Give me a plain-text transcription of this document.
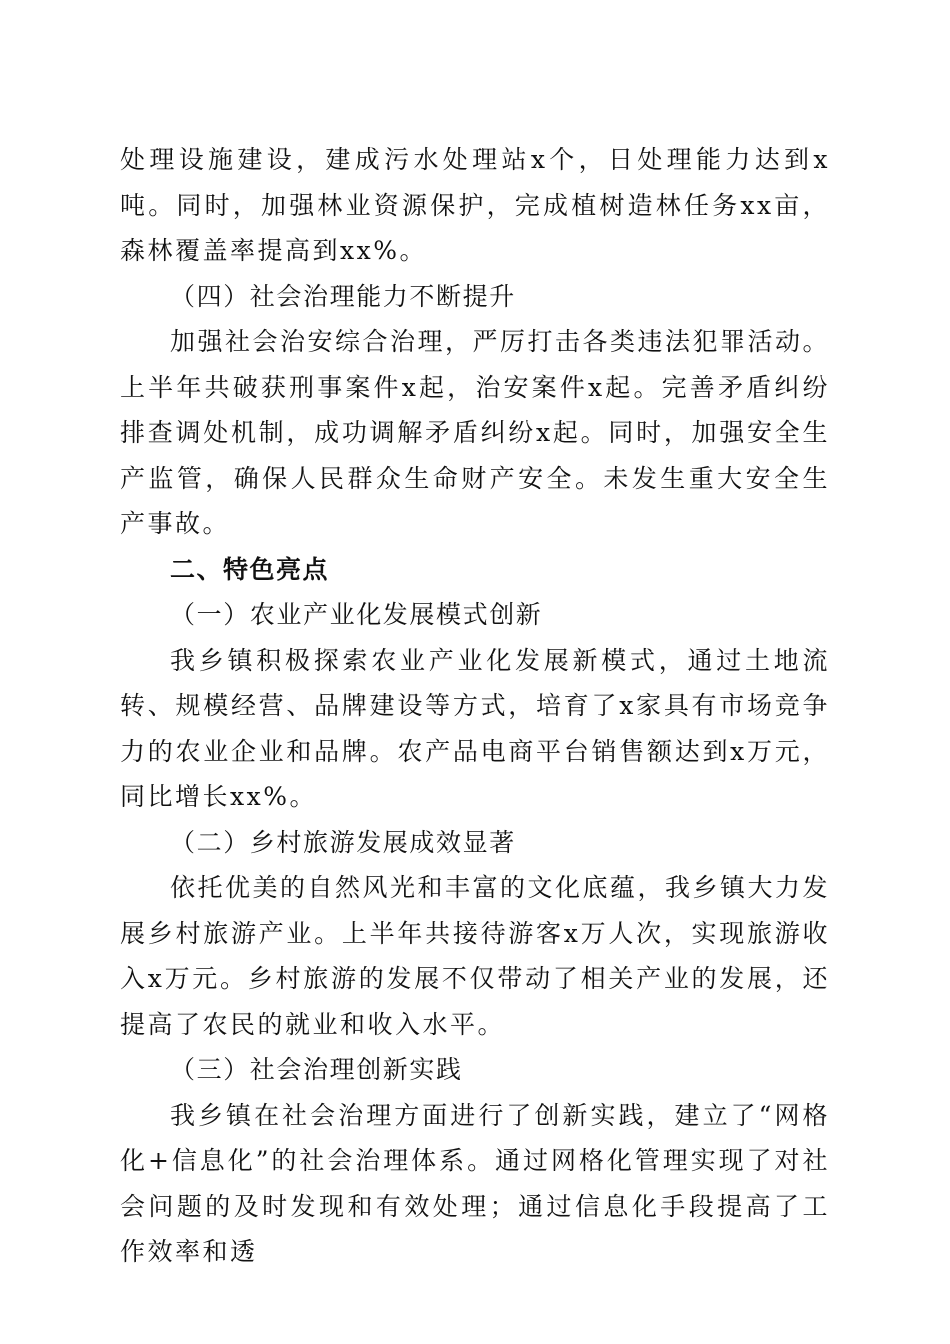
处理设施建设，建成污水处理站x个，日处理能力达到x吨。同时，加强林业资源保护，完成植树造林任务xx亩，森林覆盖率提高到xx%。

（四）社会治理能力不断提升

加强社会治安综合治理，严厉打击各类违法犯罪活动。上半年共破获刑事案件x起，治安案件x起。完善矛盾纠纷排查调处机制，成功调解矛盾纠纷x起。同时，加强安全生产监管，确保人民群众生命财产安全。未发生重大安全生产事故。

二、特色亮点

（一）农业产业化发展模式创新

我乡镇积极探索农业产业化发展新模式，通过土地流转、规模经营、品牌建设等方式，培育了x家具有市场竞争力的农业企业和品牌。农产品电商平台销售额达到x万元，同比增长xx%。

（二）乡村旅游发展成效显著

依托优美的自然风光和丰富的文化底蕴，我乡镇大力发展乡村旅游产业。上半年共接待游客x万人次，实现旅游收入x万元。乡村旅游的发展不仅带动了相关产业的发展，还提高了农民的就业和收入水平。

（三）社会治理创新实践

我乡镇在社会治理方面进行了创新实践，建立了“网格化+信息化”的社会治理体系。通过网格化管理实现了对社会问题的及时发现和有效处理；通过信息化手段提高了工作效率和透
